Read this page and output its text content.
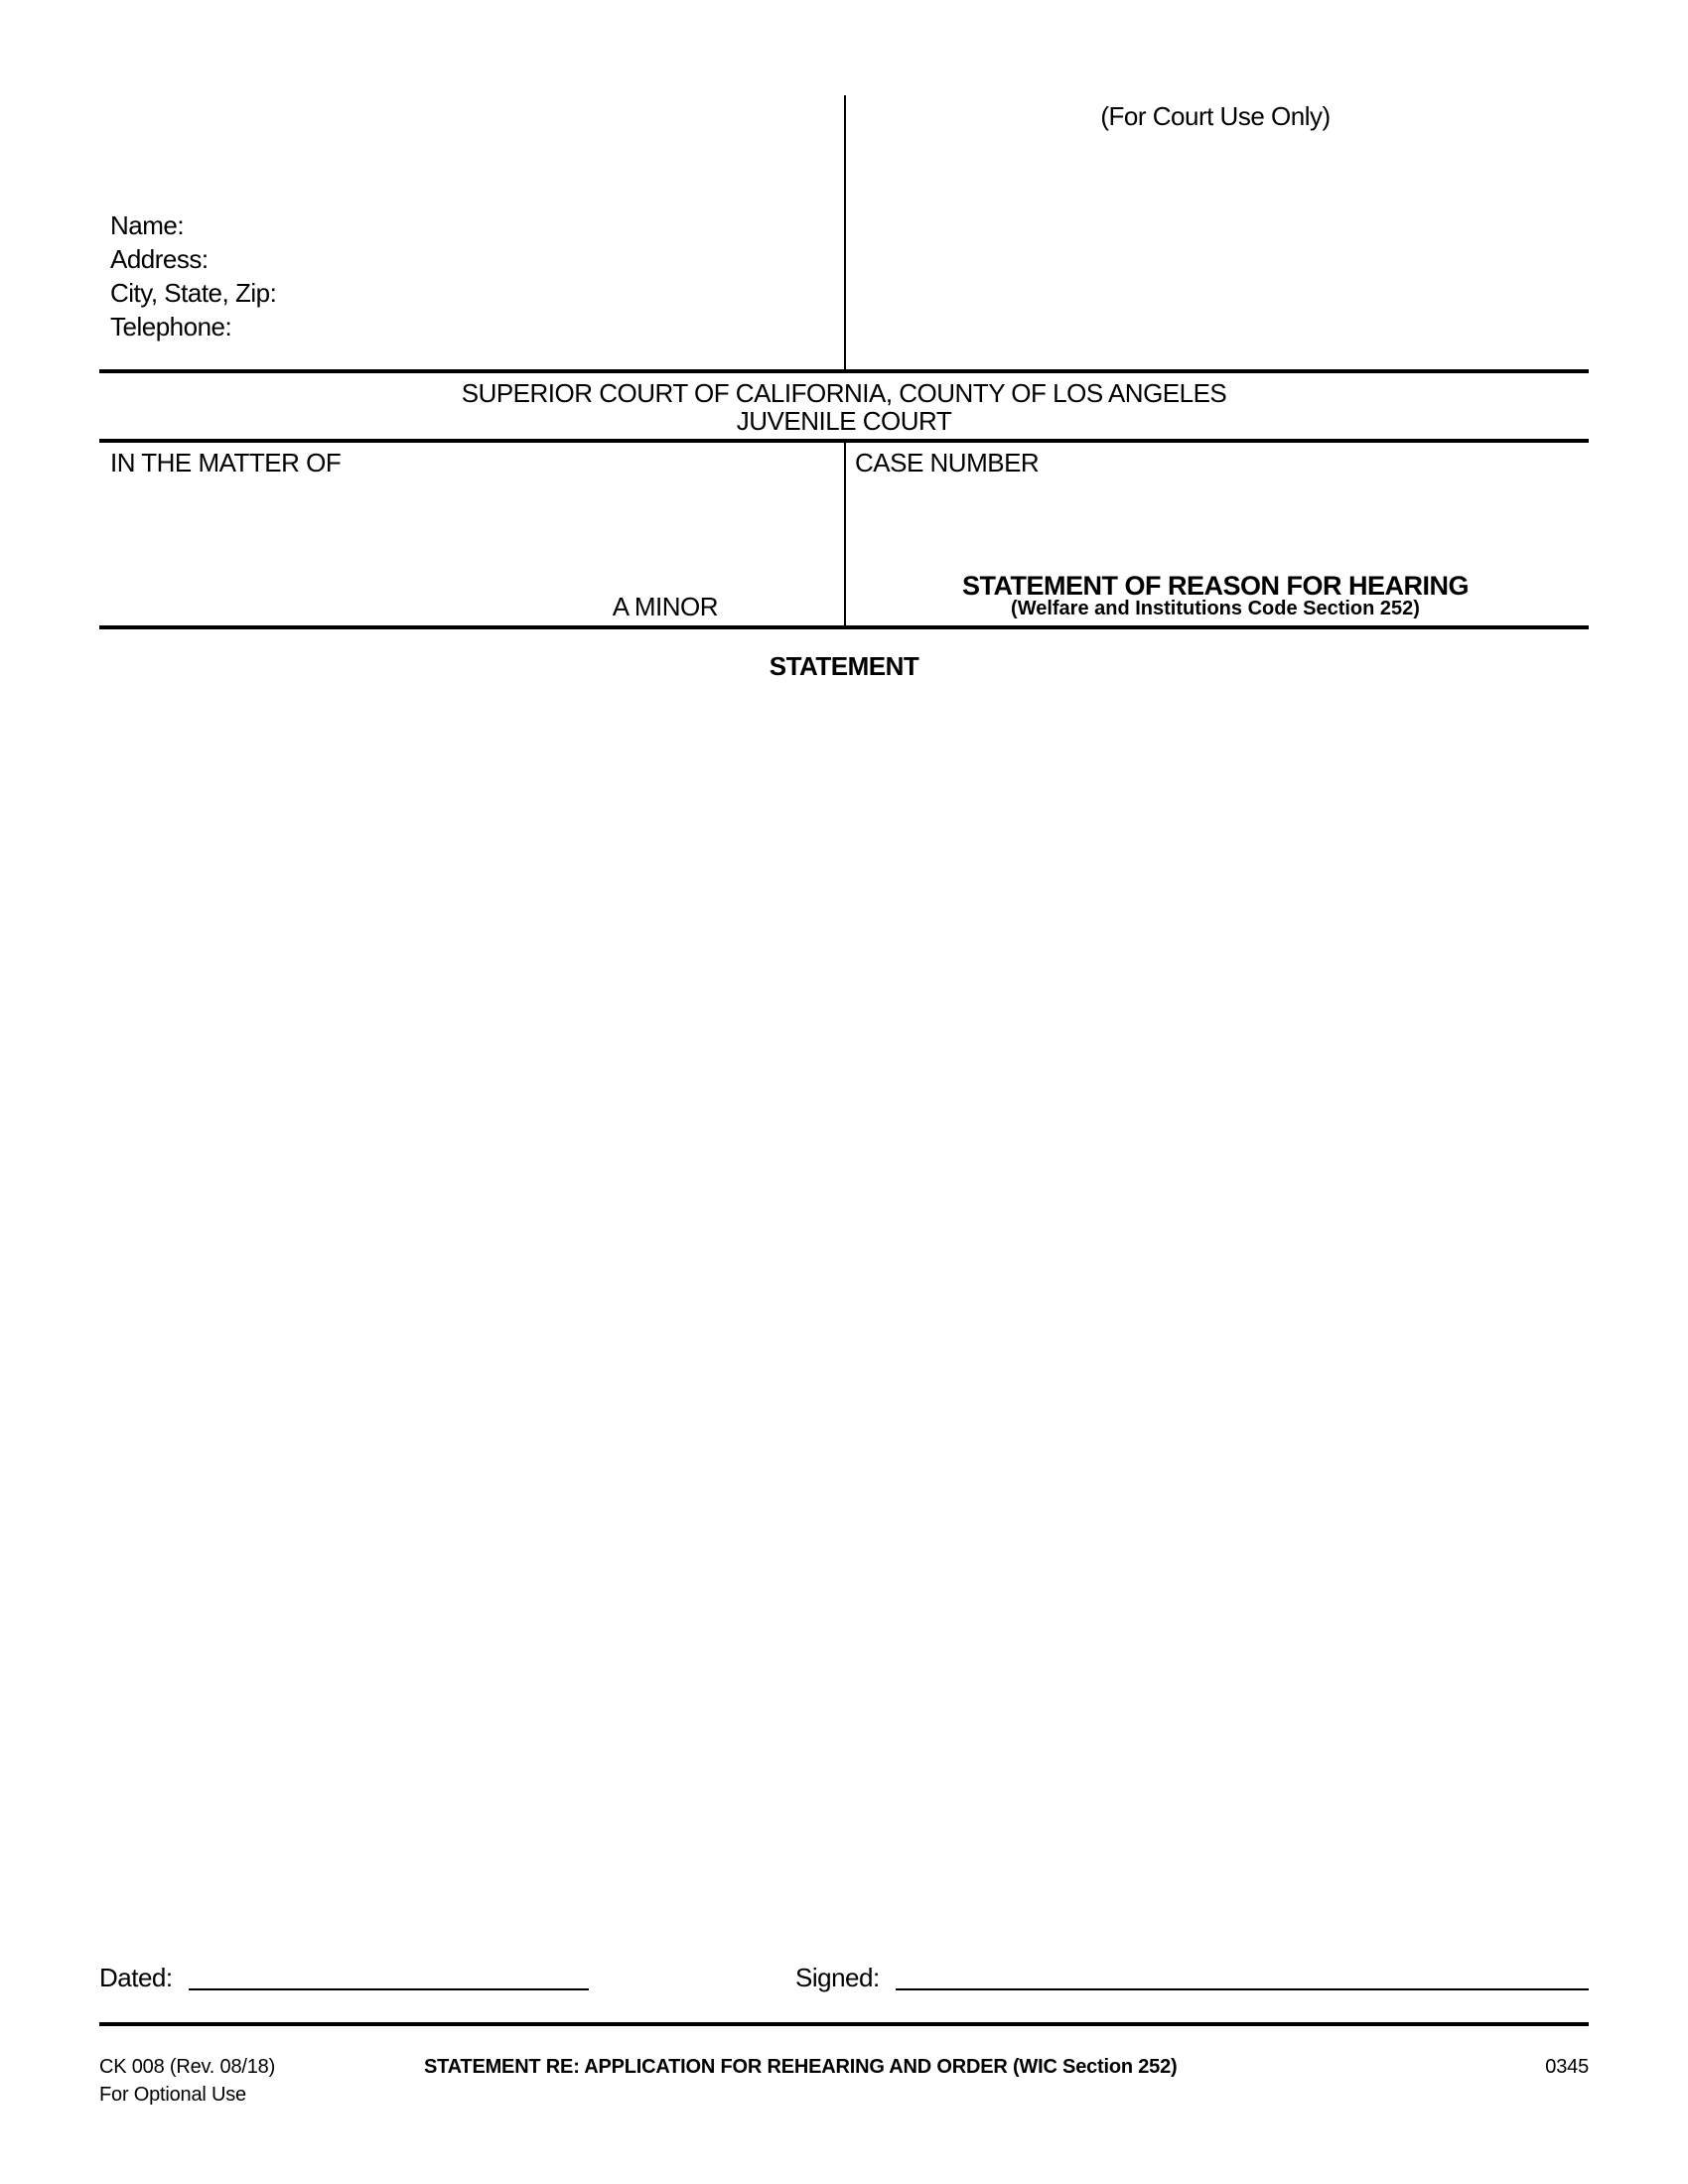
(For Court Use Only)
Name:
Address:
City, State, Zip:
Telephone:
SUPERIOR COURT OF CALIFORNIA, COUNTY OF LOS ANGELES
JUVENILE COURT
IN THE MATTER OF
A MINOR
CASE NUMBER
STATEMENT OF REASON FOR HEARING
(Welfare and Institutions Code Section 252)
STATEMENT
Dated:	Signed:
CK 008 (Rev. 08/18)
For Optional Use
STATEMENT RE: APPLICATION FOR REHEARING AND ORDER (WIC Section 252)	0345
